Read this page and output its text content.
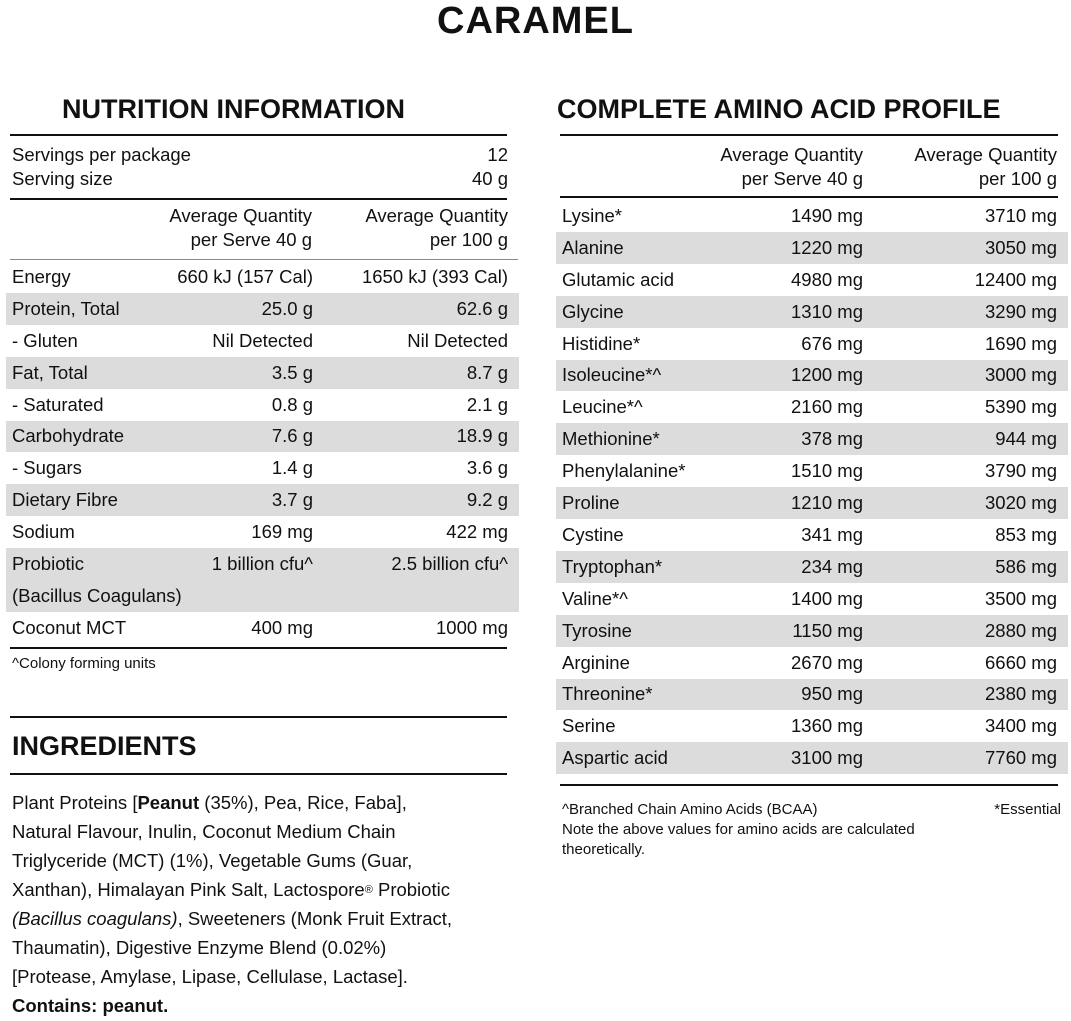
CARAMEL
NUTRITION INFORMATION
Servings per package	12
Serving size	40 g
Average Quantity
per Serve 40 g
Average Quantity
per 100 g
Energy	660 kJ (157 Cal)	1650 kJ (393 Cal)
Protein, Total	25.0 g	62.6 g
- Gluten	Nil Detected	Nil Detected
Fat, Total	3.5 g	8.7 g
- Saturated	0.8 g	2.1 g
Carbohydrate	7.6 g	18.9 g
- Sugars	1.4 g	3.6 g
Dietary Fibre	3.7 g	9.2 g
Sodium	169 mg	422 mg
Probiotic
(Bacillus Coagulans)
1 billion cfu^	2.5 billion cfu^
Coconut MCT	400 mg	1000 mg
^Colony forming units
INGREDIENTS

Plant Proteins [Peanut (35%), Pea, Rice, Faba],

Natural Flavour, Inulin, Coconut Medium Chain

Triglyceride (MCT) (1%), Vegetable Gums (Guar,

Xanthan), Himalayan Pink Salt, Lactospore® Probiotic

(Bacillus coagulans), Sweeteners (Monk Fruit Extract,

Thaumatin), Digestive Enzyme Blend (0.02%)

[Protease, Amylase, Lipase, Cellulase, Lactase].

Contains: peanut.

COMPLETE AMINO ACID PROFILE
Average Quantity
per Serve 40 g
Average Quantity
per 100 g
Lysine*	1490 mg	3710 mg
Alanine	1220 mg	3050 mg
Glutamic acid	4980 mg	12400 mg
Glycine	1310 mg	3290 mg
Histidine*	676 mg	1690 mg
Isoleucine*^	1200 mg	3000 mg
Leucine*^	2160 mg	5390 mg
Methionine*	378 mg	944 mg
Phenylalanine*	1510 mg	3790 mg
Proline	1210 mg	3020 mg
Cystine	341 mg	853 mg
Tryptophan*	234 mg	586 mg
Valine*^	1400 mg	3500 mg
Tyrosine	1150 mg	2880 mg
Arginine	2670 mg	6660 mg
Threonine*	950 mg	2380 mg
Serine	1360 mg	3400 mg
Aspartic acid	3100 mg	7760 mg
^Branched Chain Amino Acids (BCAA)	*Essential
Note the above values for amino acids are calculated
theoretically.
